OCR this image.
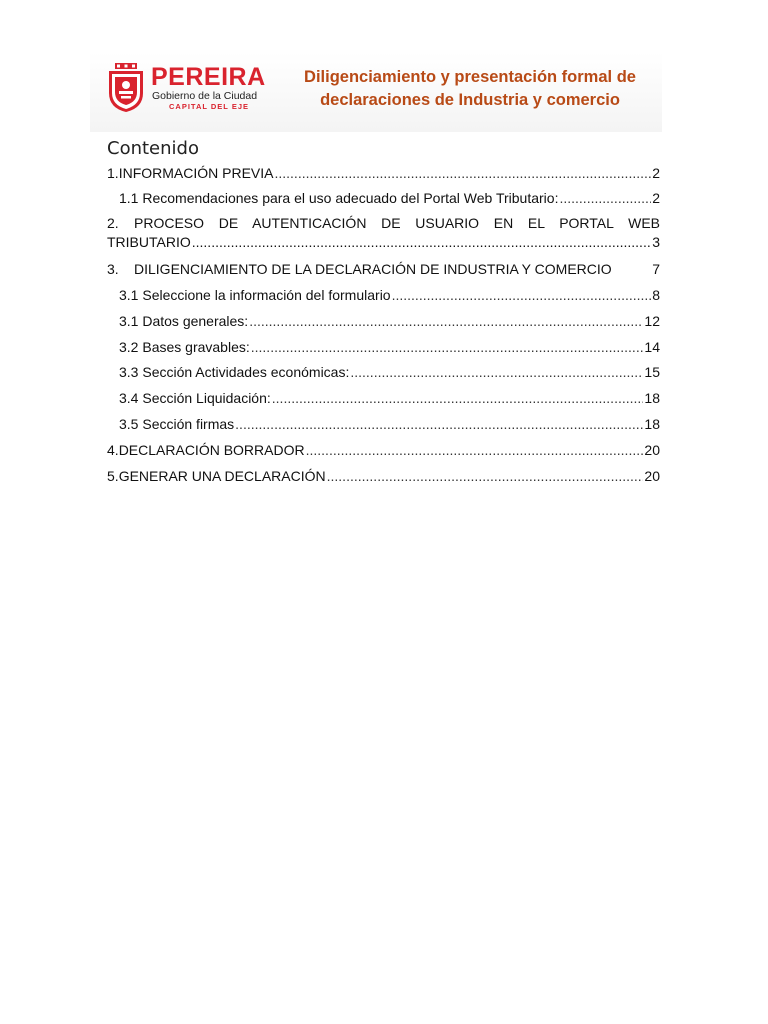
PEREIRA
Gobierno de la Ciudad
CAPITAL DEL EJE
Diligenciamiento y presentación formal de
declaraciones de Industria y comercio
Contenido
1. INFORMACIÓN PREVIA .....	2
1.1 Recomendaciones para el uso adecuado del Portal Web Tributario: .....	2
2.	PROCESO DE AUTENTICACIÓN DE USUARIO EN EL PORTAL WEB
TRIBUTARIO .....	3
3.	DILIGENCIAMIENTO DE LA DECLARACIÓN DE INDUSTRIA Y COMERCIO	7
3.1 Seleccione la información del formulario .....	8
3.1 Datos generales: .....	12
3.2 Bases gravables: .....	14
3.3 Sección Actividades económicas: .....	15
3.4 Sección Liquidación: .....	18
3.5 Sección firmas .....	18
4. DECLARACIÓN BORRADOR .....	20
5. GENERAR UNA DECLARACIÓN .....	20
